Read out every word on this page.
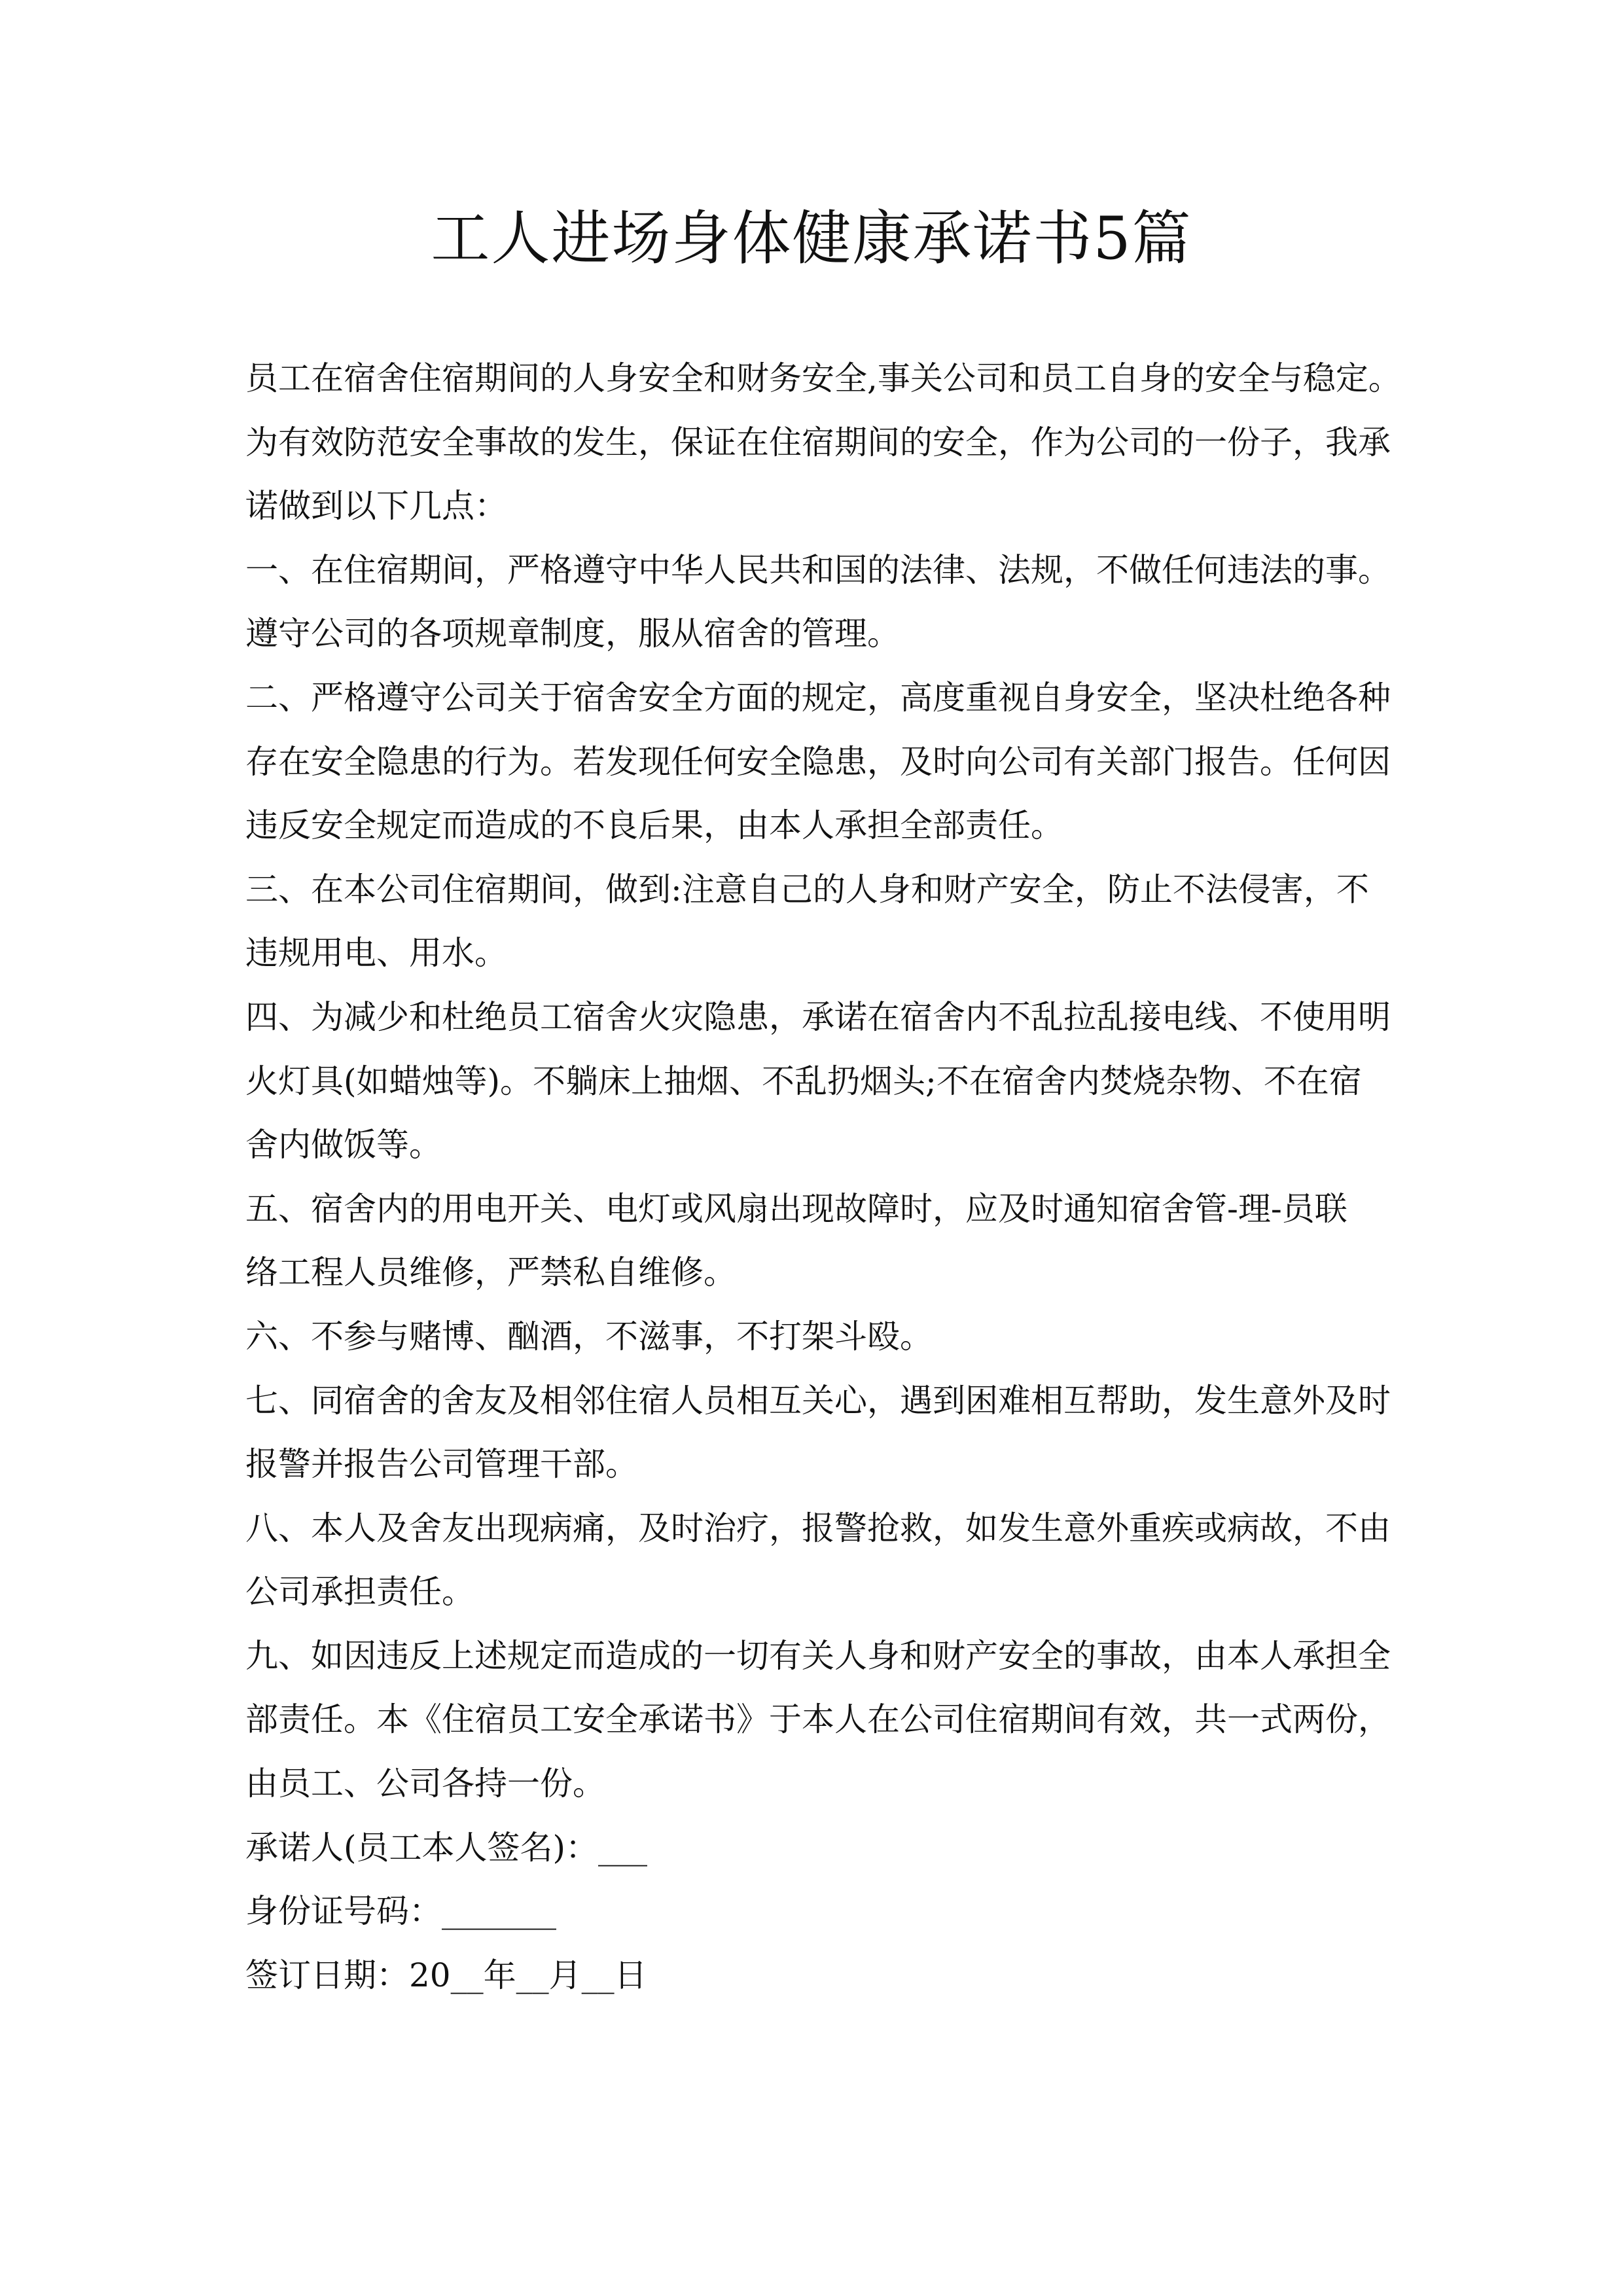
工人进场身体健康承诺书5篇
员工在宿舍住宿期间的人身安全和财务安全,事关公司和员工自身的安全与稳定。
为有效防范安全事故的发生，保证在住宿期间的安全，作为公司的一份子，我承
诺做到以下几点：
一、在住宿期间，严格遵守中华人民共和国的法律、法规，不做任何违法的事。
遵守公司的各项规章制度，服从宿舍的管理。
二、严格遵守公司关于宿舍安全方面的规定，高度重视自身安全，坚决杜绝各种
存在安全隐患的行为。若发现任何安全隐患，及时向公司有关部门报告。任何因
违反安全规定而造成的不良后果，由本人承担全部责任。
三、在本公司住宿期间，做到:注意自己的人身和财产安全，防止不法侵害，不
违规用电、用水。
四、为减少和杜绝员工宿舍火灾隐患，承诺在宿舍内不乱拉乱接电线、不使用明
火灯具(如蜡烛等)。不躺床上抽烟、不乱扔烟头;不在宿舍内焚烧杂物、不在宿
舍内做饭等。
五、宿舍内的用电开关、电灯或风扇出现故障时，应及时通知宿舍管-理-员联
络工程人员维修，严禁私自维修。
六、不参与赌博、酗酒，不滋事，不打架斗殴。
七、同宿舍的舍友及相邻住宿人员相互关心，遇到困难相互帮助，发生意外及时
报警并报告公司管理干部。
八、本人及舍友出现病痛，及时治疗，报警抢救，如发生意外重疾或病故，不由
公司承担责任。
九、如因违反上述规定而造成的一切有关人身和财产安全的事故，由本人承担全
部责任。本《住宿员工安全承诺书》于本人在公司住宿期间有效，共一式两份，
由员工、公司各持一份。
承诺人(员工本人签名)：___
身份证号码：_______
签订日期：20__年__月__日
